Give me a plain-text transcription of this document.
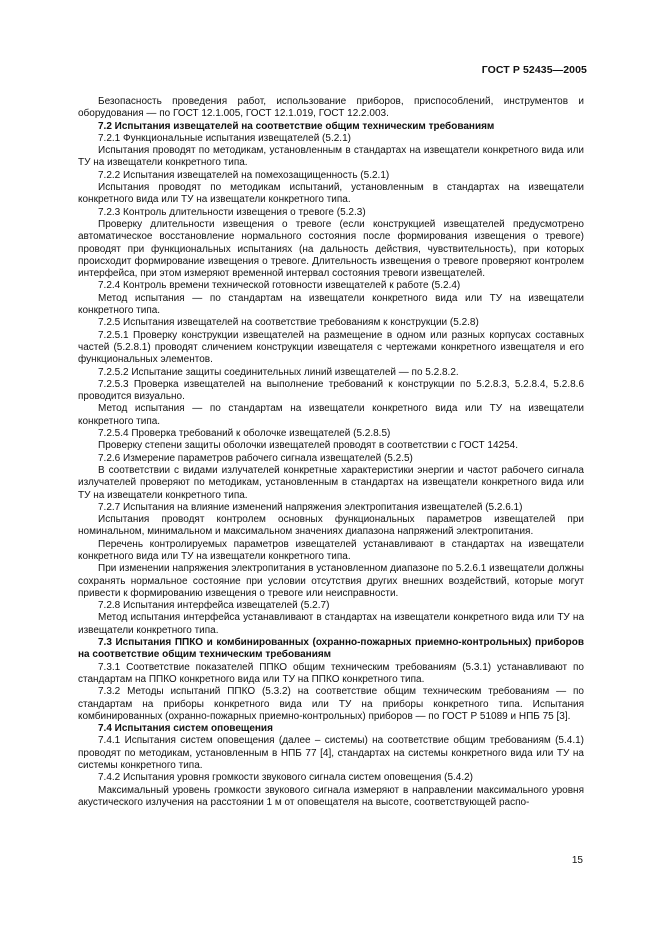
ГОСТ Р 52435—2005

Безопасность проведения работ, использование приборов, приспособлений, инструментов и оборудования — по ГОСТ 12.1.005, ГОСТ 12.1.019, ГОСТ 12.2.003.

7.2 Испытания извещателей на соответствие общим техническим требованиям

7.2.1 Функциональные испытания извещателей (5.2.1)

Испытания проводят по методикам, установленным в стандартах на извещатели конкретного вида или ТУ на извещатели конкретного типа.

7.2.2 Испытания извещателей на помехозащищенность (5.2.1)

Испытания проводят по методикам испытаний, установленным в стандартах на извещатели конкретного вида или ТУ на извещатели конкретного типа.

7.2.3 Контроль длительности извещения о тревоге (5.2.3)

Проверку длительности извещения о тревоге (если конструкцией извещателей предусмотрено автоматическое восстановление нормального состояния после формирования извещения о тревоге) проводят при функциональных испытаниях (на дальность действия, чувствительность), при которых происходит формирование извещения о тревоге. Длительность извещения о тревоге проверяют контролем интерфейса, при этом измеряют временной интервал состояния тревоги извещателей.

7.2.4 Контроль времени технической готовности извещателей к работе (5.2.4)

Метод испытания — по стандартам на извещатели конкретного вида или ТУ на извещатели конкретного типа.

7.2.5 Испытания извещателей на соответствие требованиям к конструкции (5.2.8)

7.2.5.1 Проверку конструкции извещателей на размещение в одном или разных корпусах составных частей (5.2.8.1) проводят сличением конструкции извещателя с чертежами конкретного извещателя и его функциональных элементов.

7.2.5.2 Испытание защиты соединительных линий извещателей — по 5.2.8.2.

7.2.5.3 Проверка извещателей на выполнение требований к конструкции по 5.2.8.3, 5.2.8.4, 5.2.8.6 проводится визуально.

Метод испытания — по стандартам на извещатели конкретного вида или ТУ на извещатели конкретного типа.

7.2.5.4 Проверка требований к оболочке извещателей (5.2.8.5)

Проверку степени защиты оболочки извещателей проводят в соответствии с ГОСТ 14254.

7.2.6 Измерение параметров рабочего сигнала извещателей (5.2.5)

В соответствии с видами излучателей конкретные характеристики энергии и частот рабочего сигнала излучателей проверяют по методикам, установленным в стандартах на извещатели конкретного вида или ТУ на извещатели конкретного типа.

7.2.7 Испытания на влияние изменений напряжения электропитания извещателей (5.2.6.1)

Испытания проводят контролем основных функциональных параметров извещателей при номинальном, минимальном и максимальном значениях диапазона напряжений электропитания.

Перечень контролируемых параметров извещателей устанавливают в стандартах на извещатели конкретного вида или ТУ на извещатели конкретного типа.

При изменении напряжения электропитания в установленном диапазоне по 5.2.6.1 извещатели должны сохранять нормальное состояние при условии отсутствия других внешних воздействий, которые могут привести к формированию извещения о тревоге или неисправности.

7.2.8 Испытания интерфейса извещателей (5.2.7)

Метод испытания интерфейса устанавливают в стандартах на извещатели конкретного вида или ТУ на извещатели конкретного типа.

7.3 Испытания ППКО и комбинированных (охранно-пожарных приемно-контрольных) приборов на соответствие общим техническим требованиям

7.3.1 Соответствие показателей ППКО общим техническим требованиям (5.3.1) устанавливают по стандартам на ППКО конкретного вида или ТУ на ППКО конкретного типа.

7.3.2 Методы испытаний ППКО (5.3.2) на соответствие общим техническим требованиям — по стандартам на приборы конкретного вида или ТУ на приборы конкретного типа. Испытания комбинированных (охранно-пожарных приемно-контрольных) приборов — по ГОСТ Р 51089 и НПБ 75 [3].

7.4 Испытания систем оповещения

7.4.1 Испытания систем оповещения (далее – системы) на соответствие общим требованиям (5.4.1) проводят по методикам, установленным в НПБ 77 [4], стандартах на системы конкретного вида или ТУ на системы конкретного типа.

7.4.2 Испытания уровня громкости звукового сигнала систем оповещения (5.4.2)

Максимальный уровень громкости звукового сигнала измеряют в направлении максимального уровня акустического излучения на расстоянии 1 м от оповещателя на высоте, соответствующей распо-

15
